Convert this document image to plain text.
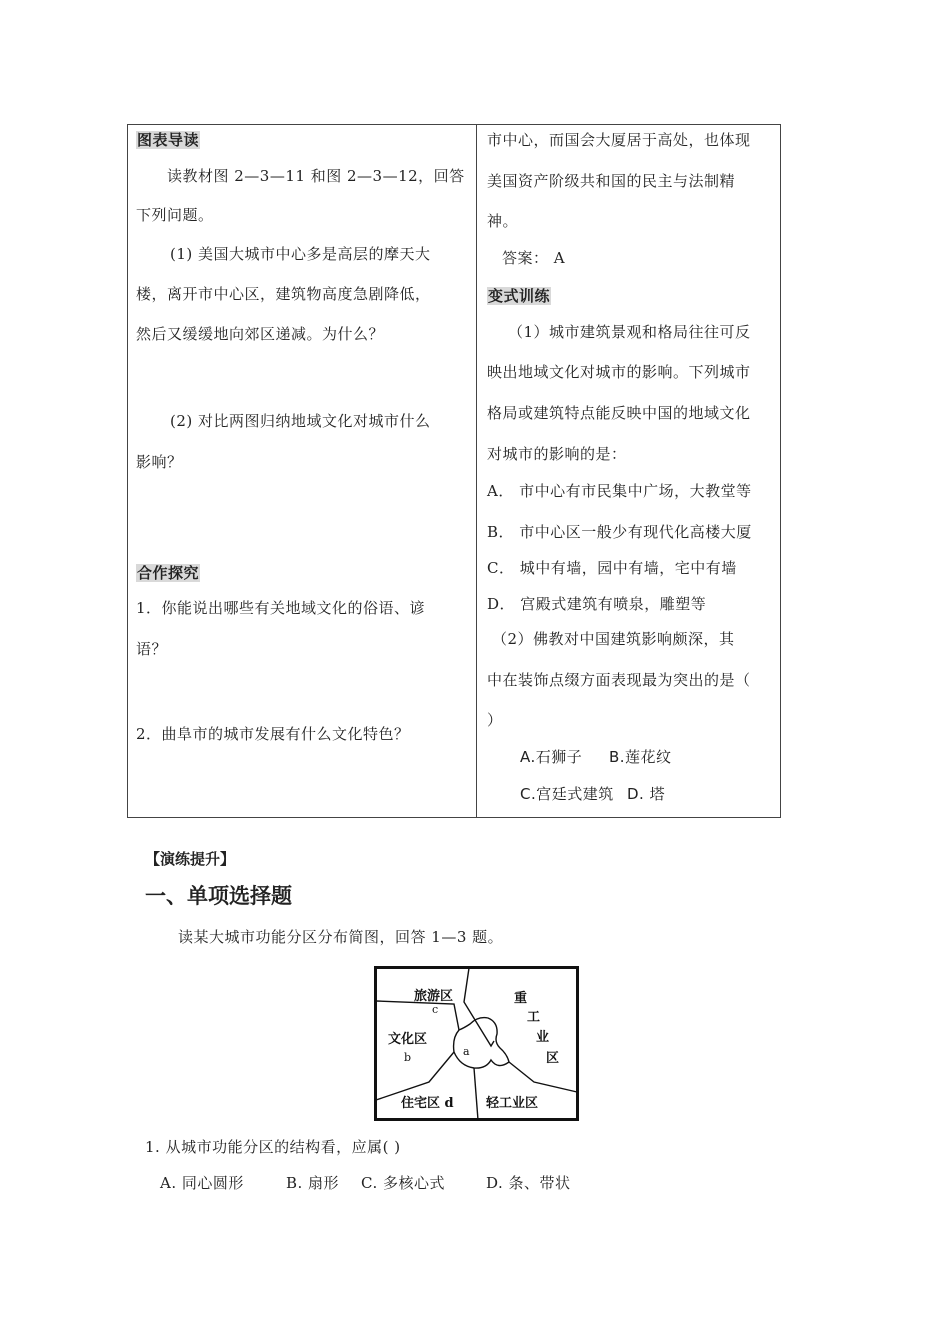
图表导读
读教材图 2—3—11 和图 2—3—12，回答
下列问题。
(1) 美国大城市中心多是高层的摩天大
楼，离开市中心区，建筑物高度急剧降低，
然后又缓缓地向郊区递减。为什么？
(2) 对比两图归纳地域文化对城市什么
影响？
合作探究
1．你能说出哪些有关地域文化的俗语、谚
语？
2．曲阜市的城市发展有什么文化特色？
市中心，而国会大厦居于高处，也体现
美国资产阶级共和国的民主与法制精
神。
答案： A
变式训练
（1）城市建筑景观和格局往往可反
映出地域文化对城市的影响。下列城市
格局或建筑特点能反映中国的地域文化
对城市的影响的是：
A． 市中心有市民集中广场，大教堂等
B． 市中心区一般少有现代化高楼大厦
C． 城中有墙，园中有墙，宅中有墙
D． 宫殿式建筑有喷泉，雕塑等
（2）佛教对中国建筑影响颇深，其
中在装饰点缀方面表现最为突出的是（
）
A.石狮子 B.莲花纹
C.宫廷式建筑 D. 塔
【演练提升】
一、单项选择题
读某大城市功能分区分布简图，回答 1—3 题。
旅游区
c
文化区
b	a
重
工
业
区
住宅区 d 轻工业区
1. 从城市功能分区的结构看，应属( )
A. 同心圆形	B. 扇形 C. 多核心式	D. 条、带状
